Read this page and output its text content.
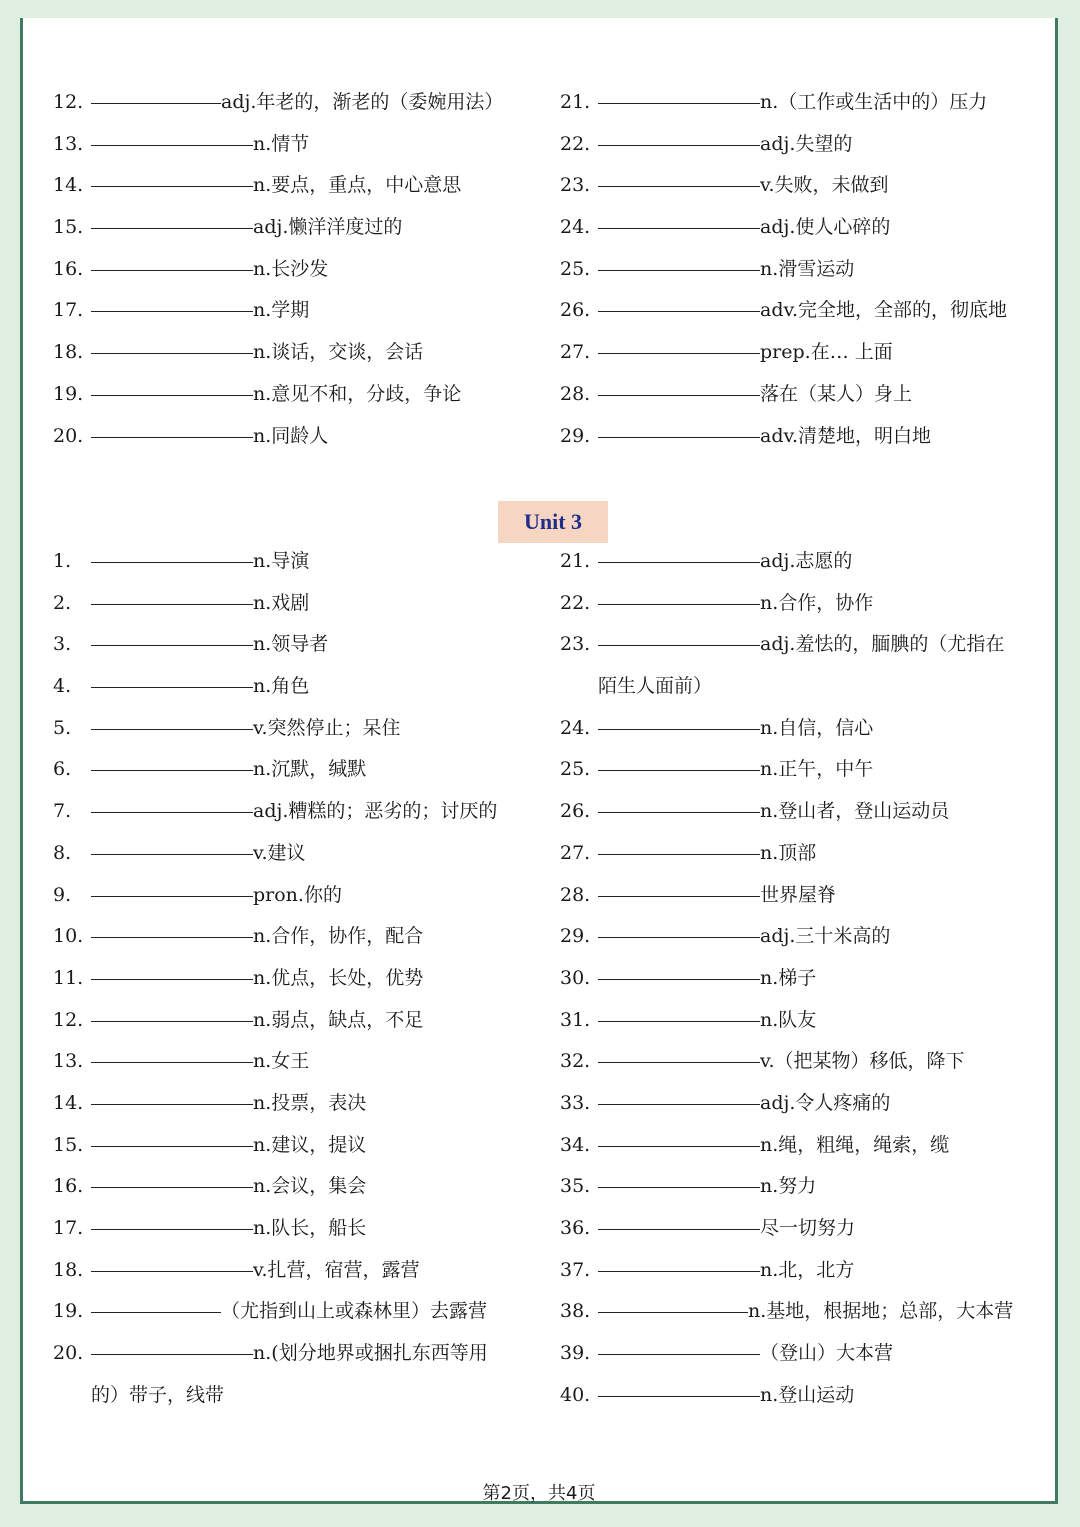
12.	adj.年老的，渐老的（委婉用法）
13.	n.情节
14.	n.要点，重点，中心意思
15.	adj.懒洋洋度过的
16.	n.长沙发
17.	n.学期
18.	n.谈话，交谈，会话
19.	n.意见不和，分歧，争论
20.	n.同龄人
21.	n.（工作或生活中的）压力
22.	adj.失望的
23.	v.失败，未做到
24.	adj.使人心碎的
25.	n.滑雪运动
26.	adv.完全地，全部的，彻底地
27.	prep.在… 上面
28.	落在（某人）身上
29.	adv.清楚地，明白地
Unit 3
1.	n.导演
2.	n.戏剧
3.	n.领导者
4.	n.角色
5.	v.突然停止；呆住
6.	n.沉默，缄默
7.	adj.糟糕的；恶劣的；讨厌的
8.	v.建议
9.	pron.你的
10.	n.合作，协作，配合
11.	n.优点，长处，优势
12.	n.弱点，缺点，不足
13.	n.女王
14.	n.投票，表决
15.	n.建议，提议
16.	n.会议，集会
17.	n.队长，船长
18.	v.扎营，宿营，露营
19.	（尤指到山上或森林里）去露营
20.	n.(划分地界或捆扎东西等用
的）带子，线带
21.	adj.志愿的
22.	n.合作，协作
23.	adj.羞怯的，腼腆的（尤指在
陌生人面前）
24.	n.自信，信心
25.	n.正午，中午
26.	n.登山者，登山运动员
27.	n.顶部
28.	世界屋脊
29.	adj.三十米高的
30.	n.梯子
31.	n.队友
32.	v.（把某物）移低，降下
33.	adj.令人疼痛的
34.	n.绳，粗绳，绳索，缆
35.	n.努力
36.	尽一切努力
37.	n.北，北方
38.	n.基地，根据地；总部，大本营
39.	（登山）大本营
40.	n.登山运动
第2页，共4页
